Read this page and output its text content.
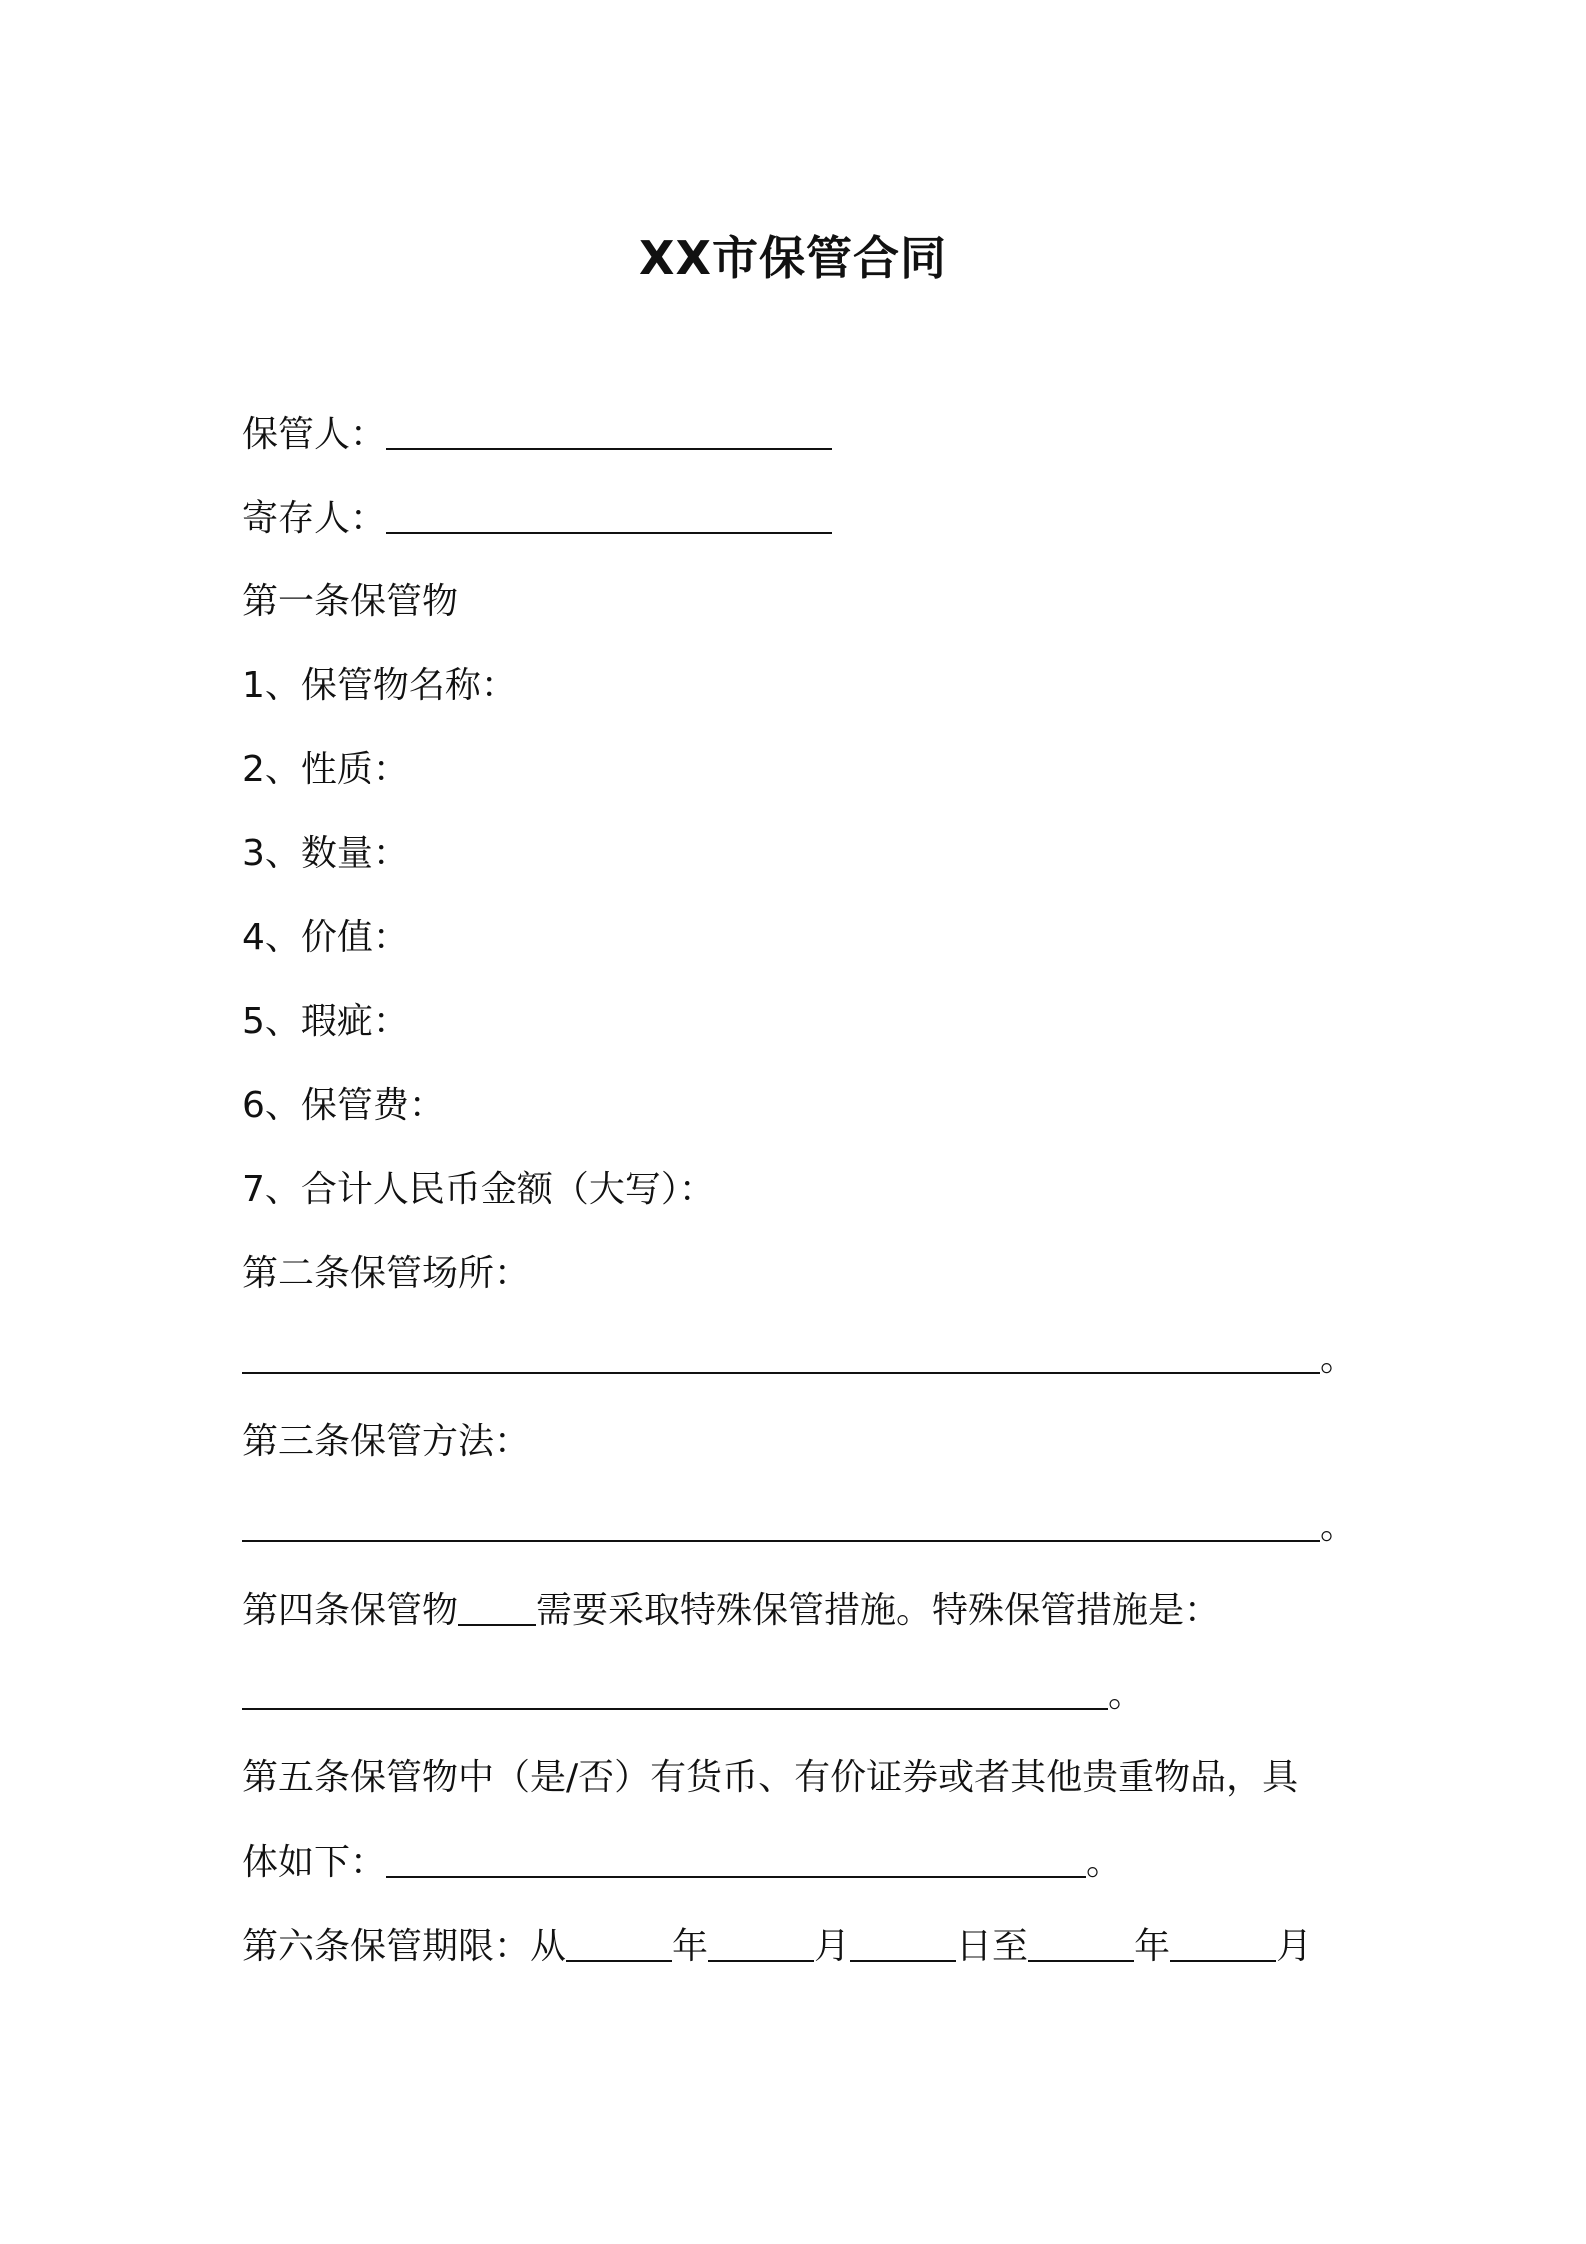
XX市保管合同
保管人：
寄存人：
第一条保管物
1、保管物名称：
2、性质：
3、数量：
4、价值：
5、瑕疵：
6、保管费：
7、合计人民币金额（大写）：
第二条保管场所：
。
第三条保管方法：
。
第四条保管物 需要采取特殊保管措施。特殊保管措施是：
。
第五条保管物中（是/否）有货币、有价证券或者其他贵重物品，具
体如下：	。
第六条保管期限：从	年	月	日至	年	月
